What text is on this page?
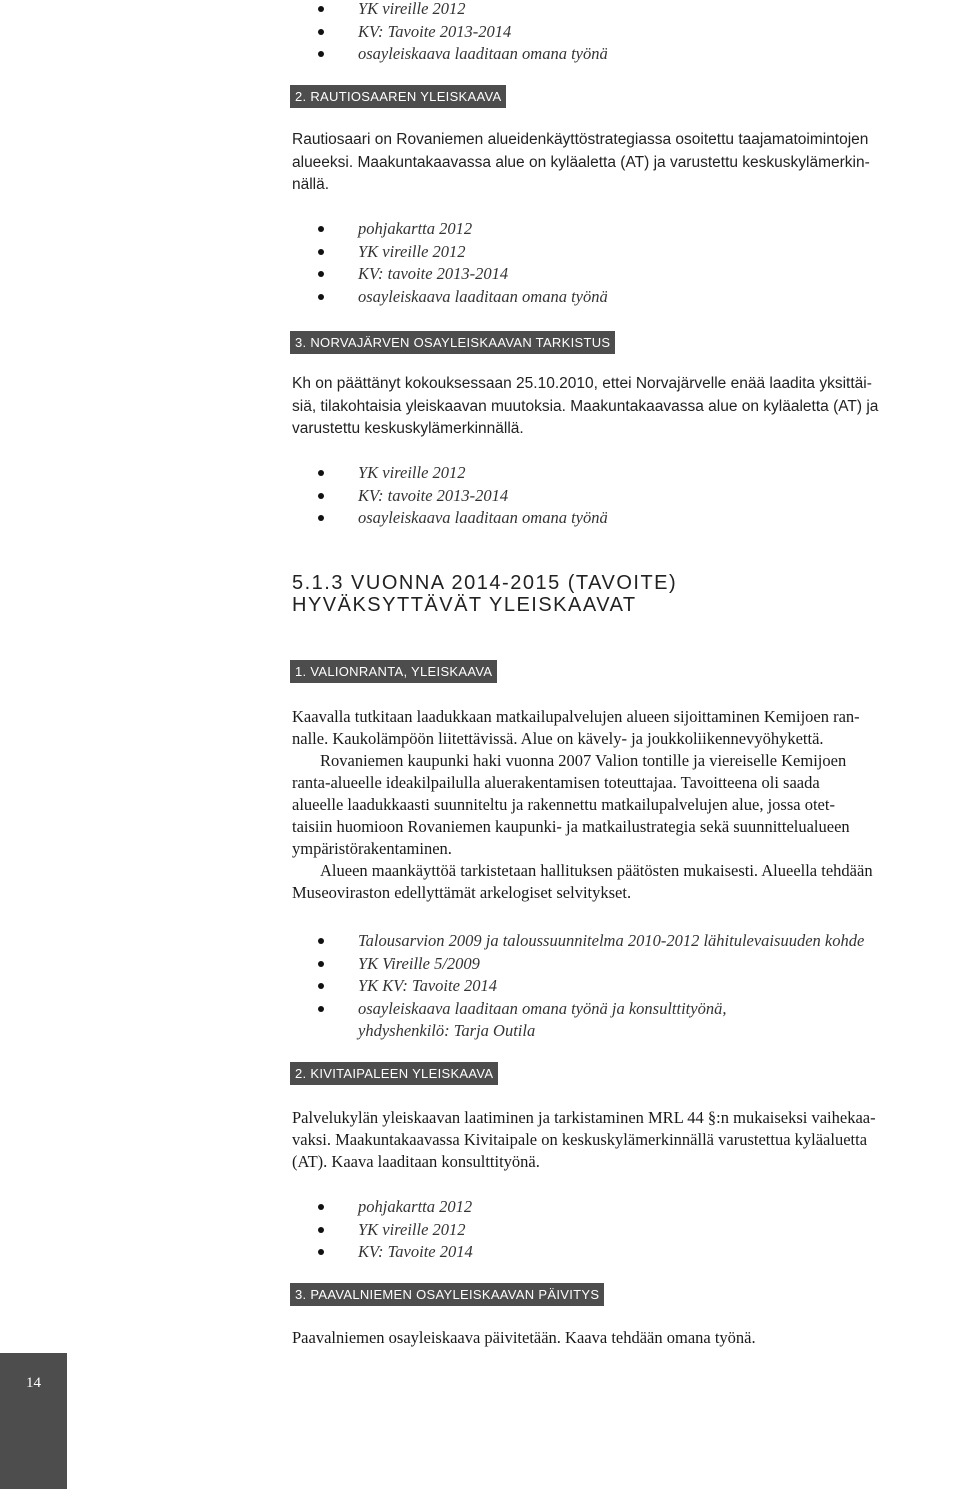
YK vireille 2012
KV: Tavoite 2013-2014
osayleiskaava laaditaan omana työnä
2. RAUTIOSAAREN YLEISKAAVA

Rautiosaari on Rovaniemen alueidenkäyttöstrategiassa osoitettu taajamatoimintojen

alueeksi. Maakuntakaavassa alue on kyläaletta (AT) ja varustettu keskuskylämerkin-

nällä.

pohjakartta 2012
YK vireille 2012
KV: tavoite 2013-2014
osayleiskaava laaditaan omana työnä
3. NORVAJÄRVEN OSAYLEISKAAVAN TARKISTUS

Kh on päättänyt kokouksessaan 25.10.2010, ettei Norvajärvelle enää laadita yksittäi-

siä, tilakohtaisia yleiskaavan muutoksia. Maakuntakaavassa alue on kyläaletta (AT) ja

varustettu keskuskylämerkinnällä.

YK vireille 2012
KV: tavoite 2013-2014
osayleiskaava laaditaan omana työnä
5.1.3 VUONNA 2014-2015 (TAVOITE)
HYVÄKSYTTÄVÄT YLEISKAAVAT
1. VALIONRANTA, YLEISKAAVA

Kaavalla tutkitaan laadukkaan matkailupalvelujen alueen sijoittaminen Kemijoen ran-

nalle. Kaukolämpöön liitettävissä. Alue on kävely- ja joukkoliikennevyöhykettä.

Rovaniemen kaupunki haki vuonna 2007 Valion tontille ja viereiselle Kemijoen

ranta-alueelle ideakilpailulla aluerakentamisen toteuttajaa. Tavoitteena oli saada

alueelle laadukkaasti suunniteltu ja rakennettu matkailupalvelujen alue, jossa otet-

taisiin huomioon Rovaniemen kaupunki- ja matkailustrategia sekä suunnittelualueen

ympäristörakentaminen.

Alueen maankäyttöä tarkistetaan hallituksen päätösten mukaisesti. Alueella tehdään

Museoviraston edellyttämät arkelogiset selvitykset.

Talousarvion 2009 ja taloussuunnitelma 2010-2012 lähitulevaisuuden kohde
YK Vireille 5/2009
YK KV: Tavoite 2014
osayleiskaava laaditaan omana työnä ja konsulttityönä,
yhdyshenkilö: Tarja Outila
2. KIVITAIPALEEN YLEISKAAVA

Palvelukylän yleiskaavan laatiminen ja tarkistaminen MRL 44 §:n mukaiseksi vaihekaa-

vaksi. Maakuntakaavassa Kivitaipale on keskuskylämerkinnällä varustettua kyläaluetta

(AT). Kaava laaditaan konsulttityönä.

pohjakartta 2012
YK vireille 2012
KV: Tavoite 2014
3. PAAVALNIEMEN OSAYLEISKAAVAN PÄIVITYS

Paavalniemen osayleiskaava päivitetään. Kaava tehdään omana työnä.

14
